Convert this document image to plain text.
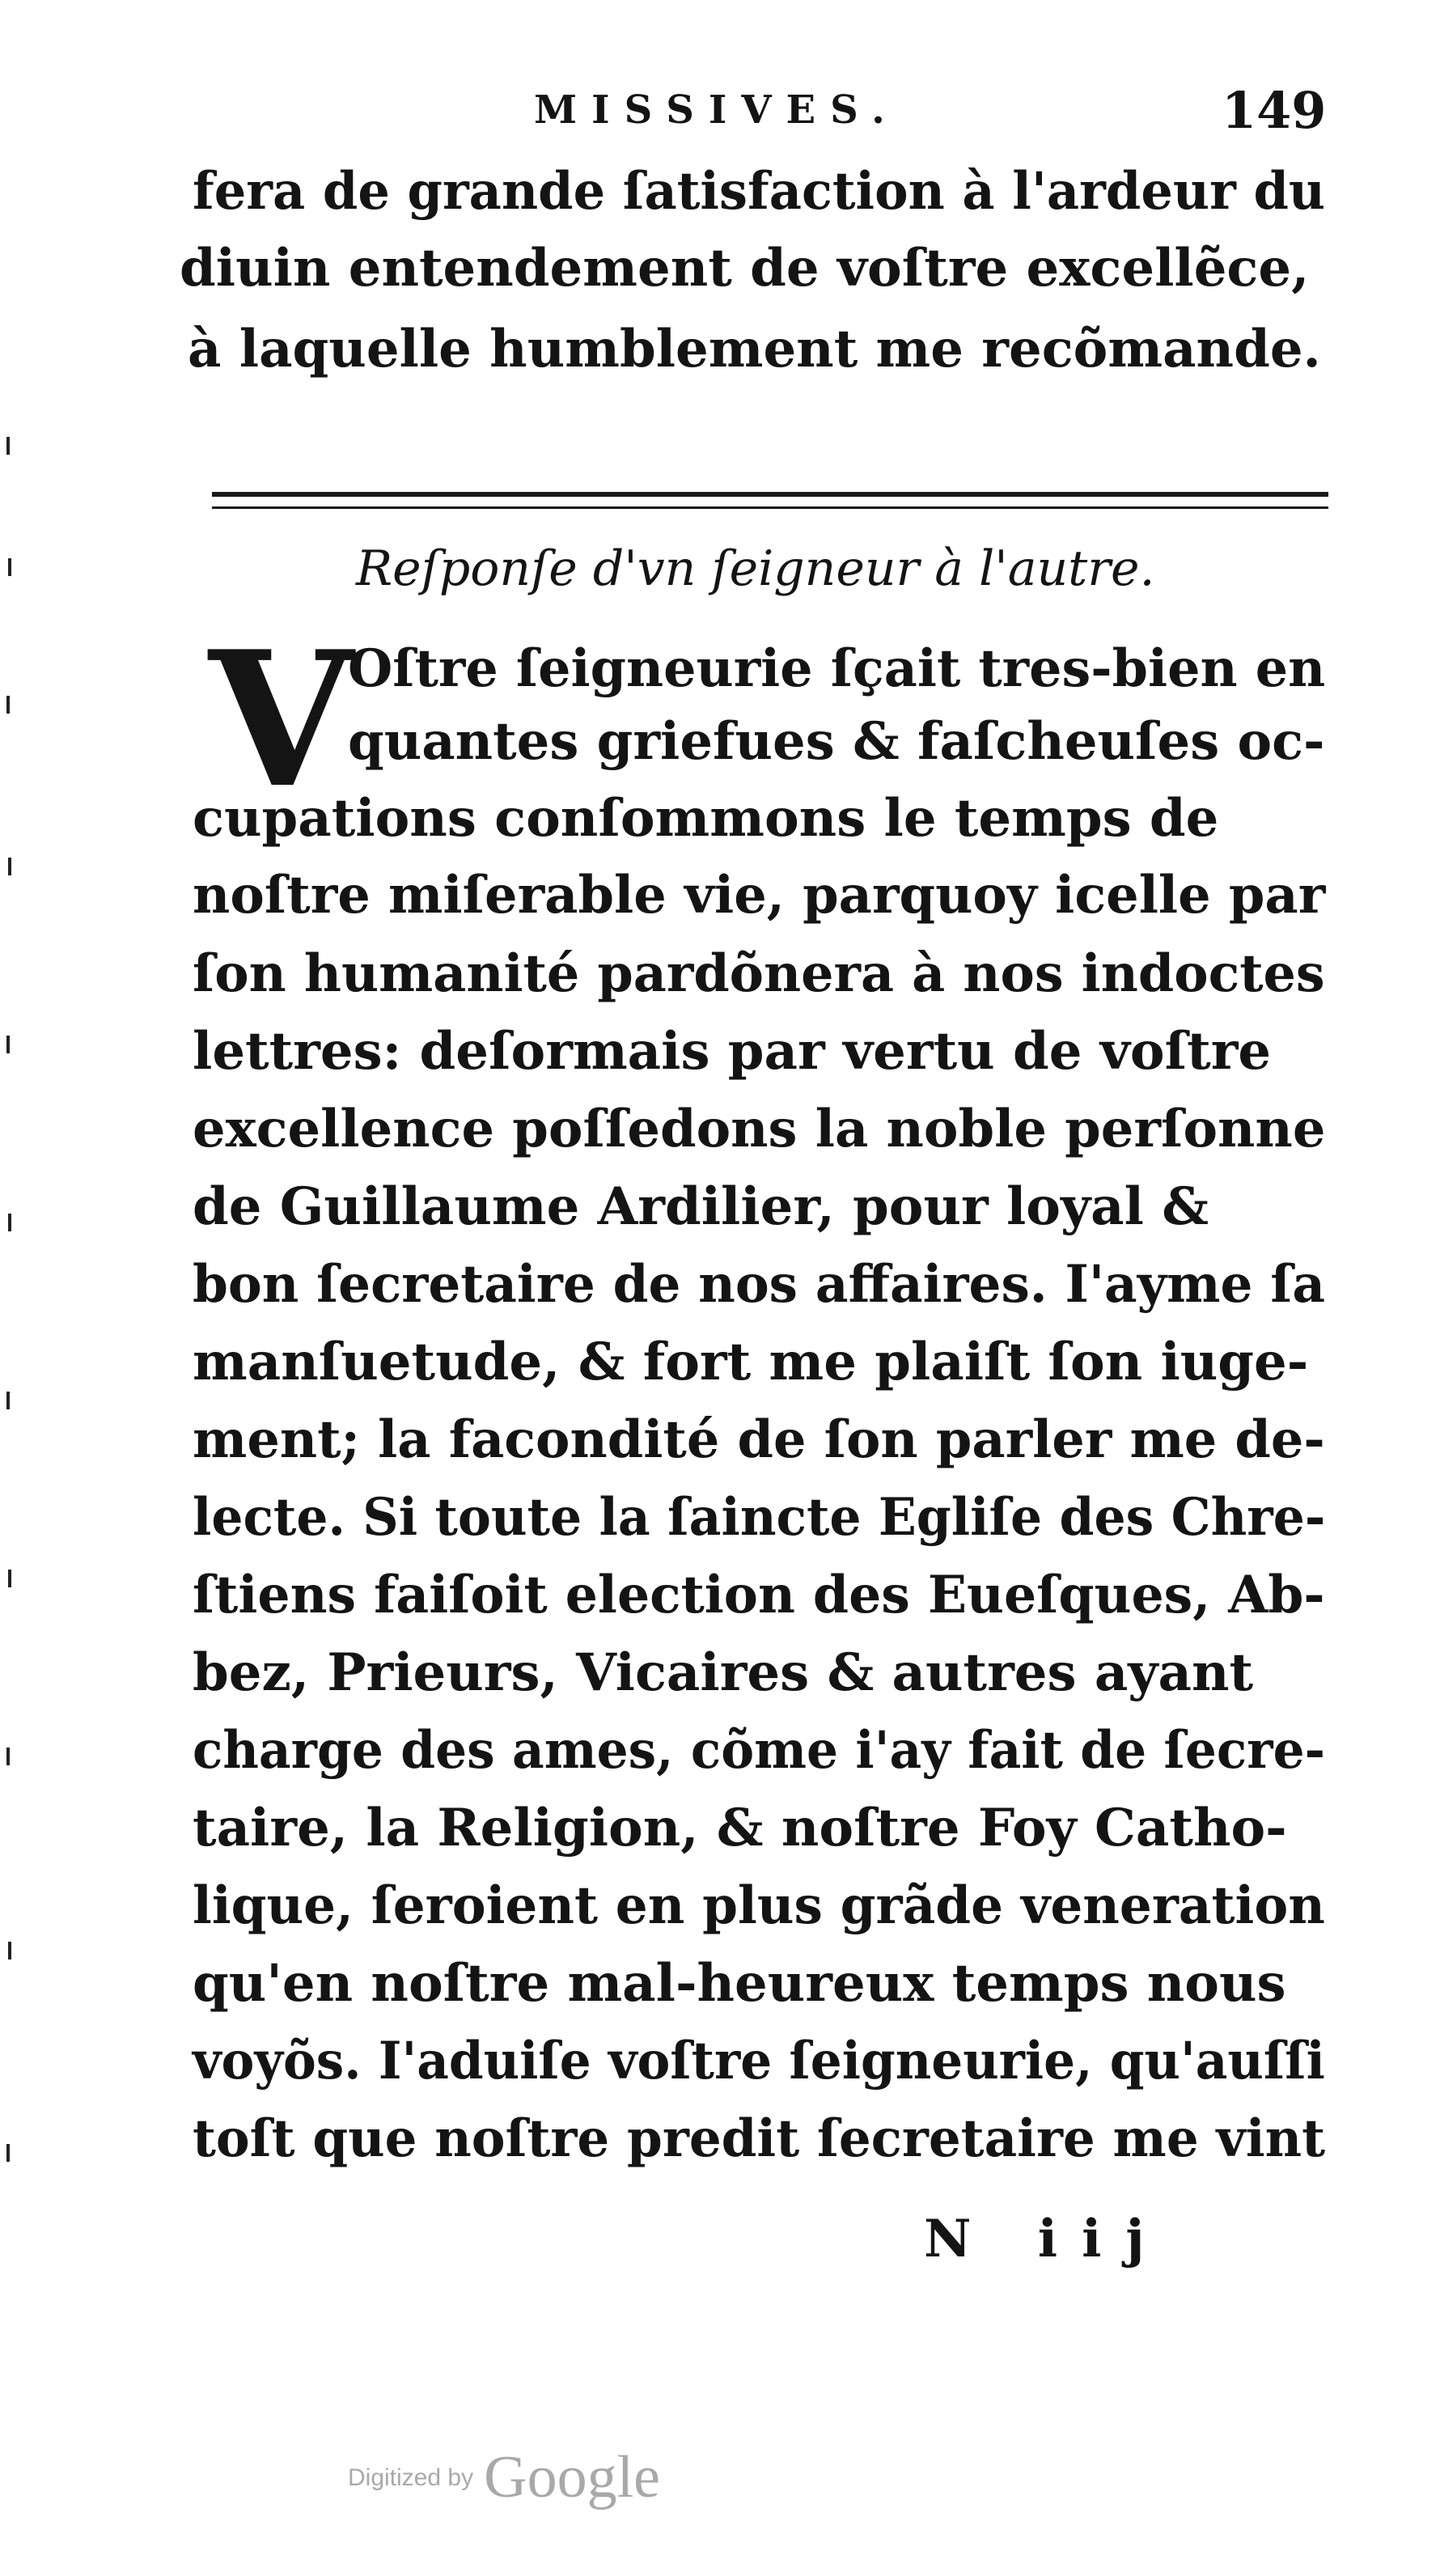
MISSIVES.	149
fera de grande ſatisfaction à l'ardeur du
diuin entendement de voſtre excellẽce,
à laquelle humblement me recõmande.
Reſponſe d'vn ſeigneur à l'autre.
V
Oſtre ſeigneurie ſçait tres-bien en
quantes griefues & faſcheuſes oc-
cupations conſommons le temps de
noſtre miſerable vie, parquoy icelle par
ſon humanité pardõnera à nos indoctes
lettres: deſormais par vertu de voſtre
excellence poſſedons la noble perſonne
de Guillaume Ardilier, pour loyal &
bon ſecretaire de nos affaires. I'ayme ſa
manſuetude, & fort me plaiſt ſon iuge-
ment; la facondité de ſon parler me de-
lecte. Si toute la ſaincte Egliſe des Chre-
ſtiens faiſoit election des Eueſques, Ab-
bez, Prieurs, Vicaires & autres ayant
charge des ames, cõme i'ay fait de ſecre-
taire, la Religion, & noſtre Foy Catho-
lique, ſeroient en plus grãde veneration
qu'en noſtre mal-heureux temps nous
voyõs. I'aduiſe voſtre ſeigneurie, qu'auſſi
toſt que noſtre predit ſecretaire me vint
N iij
Digitized by Google
